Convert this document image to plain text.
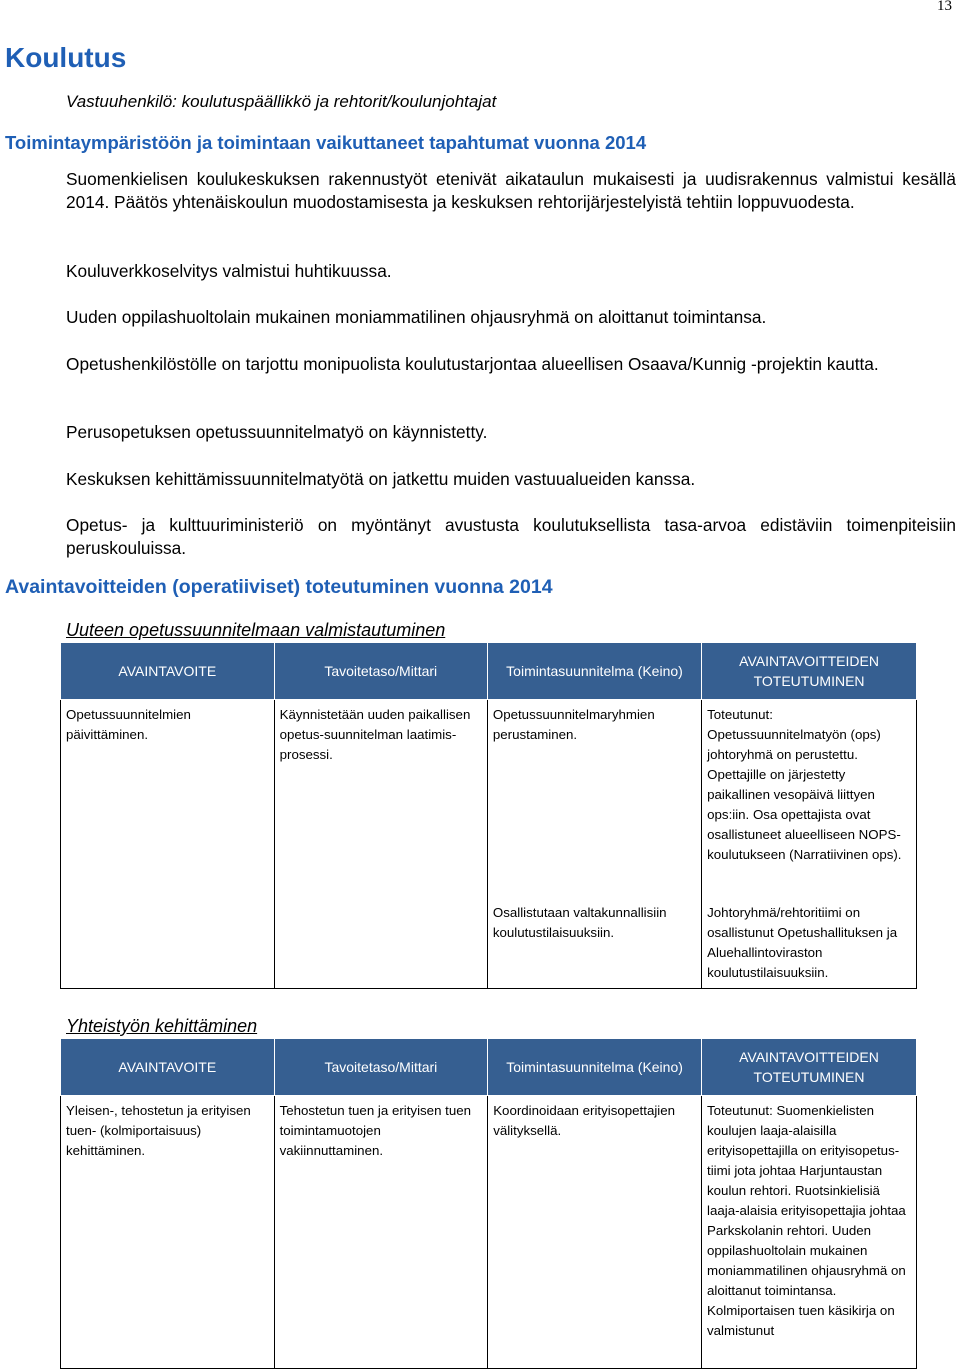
13
Koulutus
Vastuuhenkilö: koulutuspäällikkö ja rehtorit/koulunjohtajat
Toimintaympäristöön ja toimintaan vaikuttaneet tapahtumat vuonna 2014
Suomenkielisen koulukeskuksen rakennustyöt etenivät aikataulun mukaisesti ja uudisrakennus valmistui kesällä 2014. Päätös yhtenäiskoulun muodostamisesta ja keskuksen rehtorijärjestelyistä tehtiin loppuvuodesta.
Kouluverkkoselvitys valmistui huhtikuussa.
Uuden oppilashuoltolain mukainen moniammatilinen ohjausryhmä on aloittanut toimintansa.
Opetushenkilöstölle on tarjottu monipuolista koulutustarjontaa alueellisen Osaava/Kunnig -projektin kautta.
Perusopetuksen opetussuunnitelmatyö on käynnistetty.
Keskuksen kehittämissuunnitelmatyötä on jatkettu muiden vastuualueiden kanssa.
Opetus- ja kulttuuriministeriö on myöntänyt avustusta koulutuksellista tasa-arvoa edistäviin toimenpiteisiin peruskouluissa.
Avaintavoitteiden (operatiiviset) toteutuminen vuonna 2014
Uuteen opetussuunnitelmaan valmistautuminen
AVAINTAVOITE	Tavoitetaso/Mittari	Toimintasuunnitelma (Keino)	AVAINTAVOITTEIDEN TOTEUTUMINEN
Opetussuunnitelmien päivittäminen.	Käynnistetään uuden paikallisen opetus-suunnitelman laatimis-prosessi.	Opetussuunnitelmaryhmien perustaminen.	Toteutunut: Opetussuunnitelmatyön (ops) johtoryhmä on perustettu. Opettajille on järjestetty paikallinen vesopäivä liittyen ops:iin. Osa opettajista ovat osallistuneet alueelliseen NOPS- koulutukseen (Narratiivinen ops).
		Osallistutaan valtakunnallisiin koulutustilaisuuksiin.	Johtoryhmä/rehtoritiimi on osallistunut Opetushallituksen ja Aluehallintoviraston koulutustilaisuuksiin.
Yhteistyön kehittäminen
AVAINTAVOITE	Tavoitetaso/Mittari	Toimintasuunnitelma (Keino)	AVAINTAVOITTEIDEN TOTEUTUMINEN
Yleisen-, tehostetun ja erityisen tuen- (kolmiportaisuus) kehittäminen.	Tehostetun tuen ja erityisen tuen toimintamuotojen vakiinnuttaminen.	Koordinoidaan erityisopettajien välityksellä.	Toteutunut: Suomenkielisten koulujen laaja-alaisilla erityisopettajilla on erityisopetus-tiimi jota johtaa Harjuntaustan koulun rehtori. Ruotsinkielisiä laaja-alaisia erityisopettajia johtaa Parkskolanin rehtori. Uuden oppilashuoltolain mukainen moniammatilinen ohjausryhmä on aloittanut toimintansa. Kolmiportaisen tuen käsikirja on valmistunut
